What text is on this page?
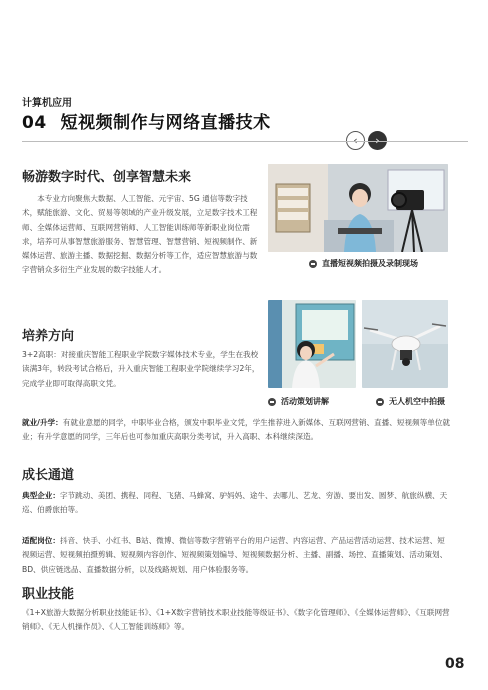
计算机应用
04 短视频制作与网络直播技术
畅游数字时代、创享智慧未来

本专业方向聚焦大数据、人工智能、元宇宙、5G 通信等数字技术，赋能旅游、文化、贸易等领域的产业升级发展，立足数字技术工程师、全媒体运营师、互联网营销师、人工智能训练师等新职业岗位需求，培养可从事智慧旅游服务、智慧管理、智慧营销、短视频制作、新媒体运营、旅游主播、数据挖掘、数据分析等工作，适应智慧旅游与数字营销众多衍生产业发展的数字技能人才。

直播短视频拍摄及录制现场
培养方向

3+2高职：对接重庆智能工程职业学院数字媒体技术专业，学生在我校读满3年，转段考试合格后，升入重庆智能工程职业学院继续学习2年，完成学业即可取得高职文凭。

活动策划讲解	无人机空中拍摄

就业/升学：有就业意愿的同学，中职毕业合格，颁发中职毕业文凭，学生推荐进入新媒体、互联网营销、直播、短视频等单位就业；有升学意愿的同学，三年后也可参加重庆高职分类考试，升入高职、本科继续深造。

成长通道

典型企业：字节跳动、美团、携程、同程、飞猪、马蜂窝、驴妈妈、途牛、去哪儿、艺龙、穷游、要出发、圆梦、航旅纵横、天巡、伯爵旅拍等。

适配岗位：抖音、快手、小红书、B站、微博、微信等数字营销平台的用户运营、内容运营、产品运营活动运营、技术运营、短视频运营、短视频拍摄剪辑、短视频内容创作、短视频策划编导、短视频数据分析、主播、副播、场控、直播策划、活动策划、BD、供应链选品、直播数据分析，以及线路规划、用户体验服务等。

职业技能

《1+X旅游大数据分析职业技能证书》、《1+X数字营销技术职业技能等级证书》、《数字化管理师》、《全媒体运营师》、《互联网营销师》、《无人机操作员》、《人工智能训练师》等。

08
